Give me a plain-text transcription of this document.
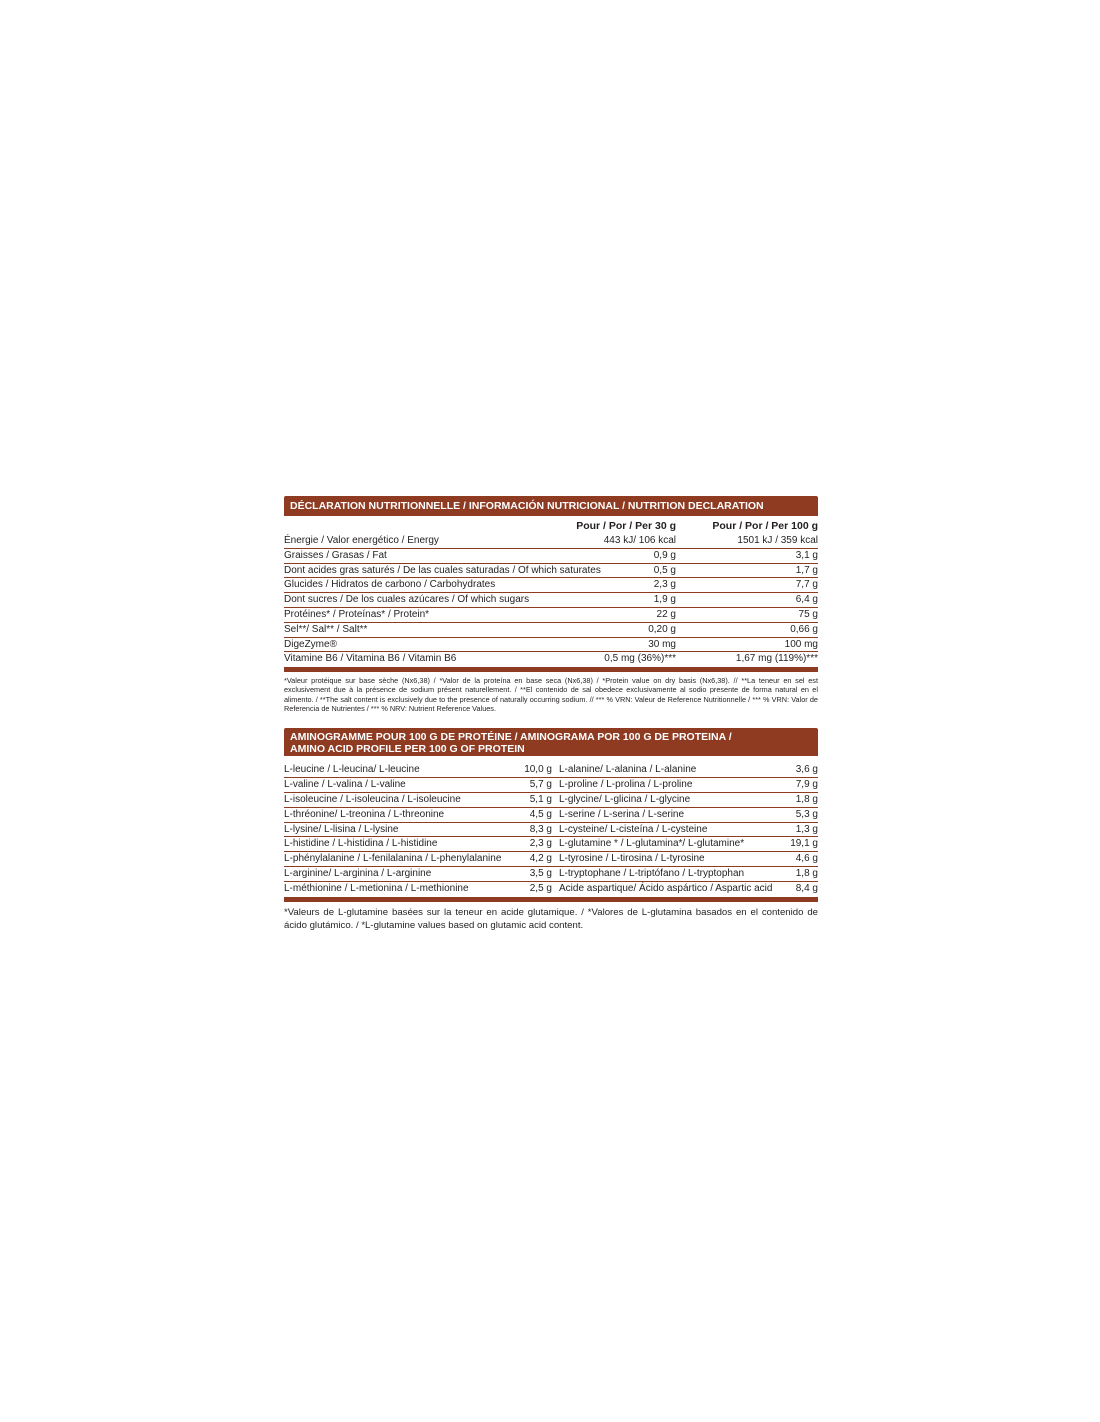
DÉCLARATION NUTRITIONNELLE / INFORMACIÓN NUTRICIONAL / NUTRITION DECLARATION
Pour / Por / Per 30 g	Pour / Por / Per 100 g
Énergie / Valor energético / Energy	443 kJ/ 106 kcal	1501 kJ / 359 kcal
Graisses / Grasas / Fat	0,9 g	3,1 g
Dont acides gras saturés / De las cuales saturadas / Of which saturates	0,5 g	1,7 g
Glucides / Hidratos de carbono / Carbohydrates	2,3 g	7,7 g
Dont sucres / De los cuales azúcares / Of which sugars	1,9 g	6,4 g
Protéines* / Proteínas* / Protein*	22 g	75 g
Sel**/ Sal** / Salt**	0,20 g	0,66 g
DigeZyme®	30 mg	100 mg
Vitamine B6 / Vitamina B6 / Vitamin B6	0,5 mg (36%)***	1,67 mg (119%)***
*Valeur protéique sur base sèche (Nx6,38) / *Valor de la proteína en base seca (Nx6,38) / *Protein value on dry basis (Nx6,38). // **La teneur en sel est exclusivement due à la présence de sodium présent naturellement. / **El contenido de sal obedece exclusivamente al sodio presente de forma natural en el alimento. / **The salt content is exclusively due to the presence of naturally occurring sodium. // *** % VRN: Valeur de Reference Nutritionnelle / *** % VRN: Valor de Referencia de Nutrientes / *** % NRV: Nutrient Reference Values.
AMINOGRAMME POUR 100 G DE PROTÉINE / AMINOGRAMA POR 100 G DE PROTEINA /
AMINO ACID PROFILE PER 100 G OF PROTEIN
L-leucine / L-leucina/ L-leucine	10,0 g L-alanine/ L-alanina / L-alanine	3,6 g
L-valine / L-valina / L-valine	5,7 g L-proline / L-prolina / L-proline	7,9 g
L-isoleucine / L-isoleucina / L-isoleucine	5,1 g L-glycine/ L-glicina / L-glycine	1,8 g
L-thréonine/ L-treonina / L-threonine	4,5 g L-serine / L-serina / L-serine	5,3 g
L-lysine/ L-lisina / L-lysine	8,3 g L-cysteine/ L-cisteína / L-cysteine	1,3 g
L-histidine / L-histidina / L-histidine	2,3 g L-glutamine * / L-glutamina*/ L-glutamine*	19,1 g
L-phénylalanine / L-fenilalanina / L-phenylalanine	4,2 g L-tyrosine / L-tirosina / L-tyrosine	4,6 g
L-arginine/ L-arginina / L-arginine	3,5 g L-tryptophane / L-triptófano / L-tryptophan	1,8 g
L-méthionine / L-metionina / L-methionine	2,5 g Acide aspartique/ Ácido aspártico / Aspartic acid 8,4 g
*Valeurs de L-glutamine basées sur la teneur en acide glutamique. / *Valores de L-glutamina basados en el contenido de ácido glutámico. / *L-glutamine values based on glutamic acid content.
